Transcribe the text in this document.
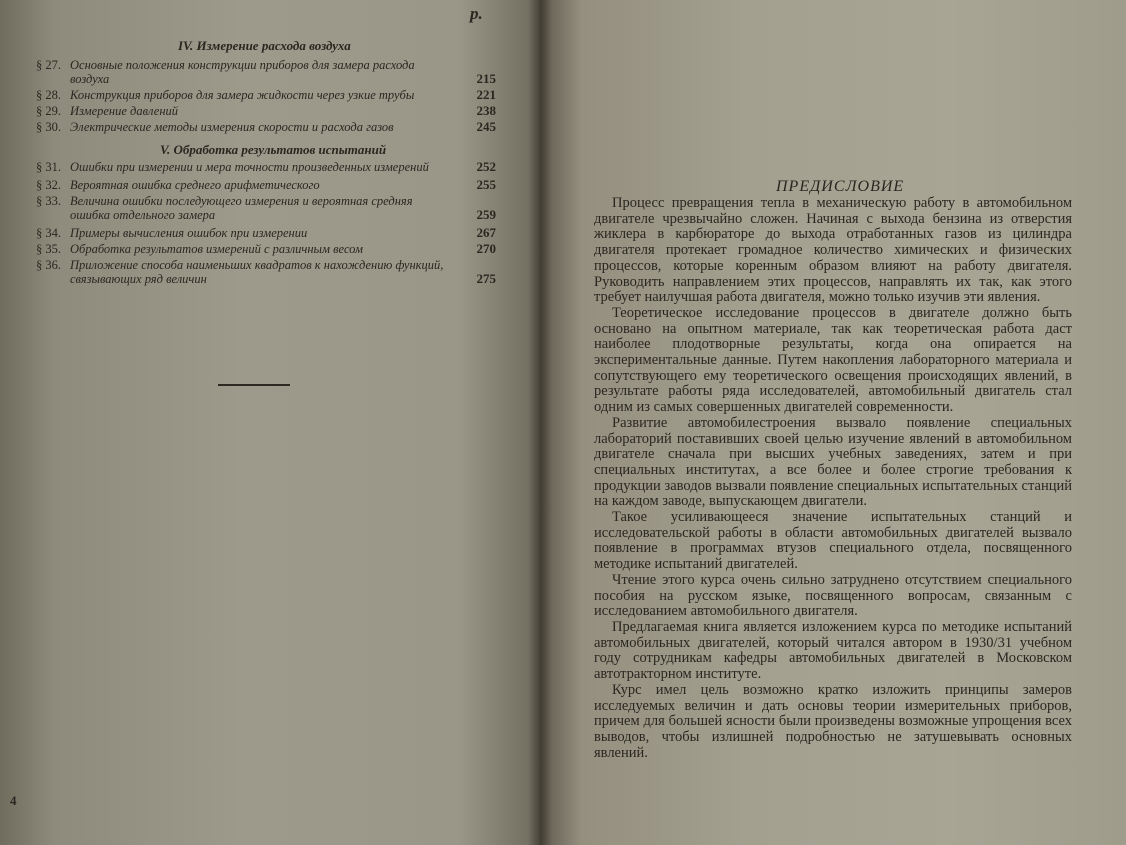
p.
IV. Измерение расхода воздуха
§ 27. Основные положения конструкции приборов для замера расхода
воздуха	215
§ 28. Конструкция приборов для замера жидкости через узкие трубы	221
§ 29. Измерение давлений	238
§ 30. Электрические методы измерения скорости и расхода газов	245
V. Обработка результатов испытаний
§ 31. Ошибки при измерении и мера точности произведенных измерений	252
§ 32. Вероятная ошибка среднего арифметического	255
§ 33. Величина ошибки последующего измерения и вероятная средняя
ошибка отдельного замера	259
§ 34. Примеры вычисления ошибок при измерении	267
§ 35. Обработка результатов измерений с различным весом	270
§ 36. Приложение способа наименьших квадратов к нахождению функций,
связывающих ряд величин	275
4
ПРЕДИСЛОВИЕ

Процесс превращения тепла в механическую работу в автомобильном двигателе чрезвычайно сложен. Начиная с выхода бензина из отверстия жиклера в карбюраторе до выхода отработанных газов из цилиндра двигателя протекает громадное количество химических и физических процессов, которые коренным образом влияют на работу двигателя. Руководить направлением этих процессов, направлять их так, как этого требует наилучшая работа двигателя, можно только изучив эти явления.

Теоретическое исследование процессов в двигателе должно быть основано на опытном материале, так как теоретическая работа даст наиболее плодотворные результаты, когда она опирается на экспериментальные данные. Путем накопления лабораторного материала и сопутствующего ему теоретического освещения происходящих явлений, в результате работы ряда исследователей, автомобильный двигатель стал одним из самых совершенных двигателей современности.

Развитие автомобилестроения вызвало появление специальных лабораторий поставивших своей целью изучение явлений в автомобильном двигателе сначала при высших учебных заведениях, затем и при специальных институтах, а все более и более строгие требования к продукции заводов вызвали появление специальных испытательных станций на каждом заводе, выпускающем двигатели.

Такое усиливающееся значение испытательных станций и исследовательской работы в области автомобильных двигателей вызвало появление в программах втузов специального отдела, посвященного методике испытаний двигателей.

Чтение этого курса очень сильно затруднено отсутствием специального пособия на русском языке, посвященного вопросам, связанным с исследованием автомобильного двигателя.

Предлагаемая книга является изложением курса по методике испытаний автомобильных двигателей, который читался автором в 1930/31 учебном году сотрудникам кафедры автомобильных двигателей в Московском автотракторном институте.

Курс имел цель возможно кратко изложить принципы замеров исследуемых величин и дать основы теории измерительных приборов, причем для большей ясности были произведены возможные упрощения всех выводов, чтобы излишней подробностью не затушевывать основных явлений.
